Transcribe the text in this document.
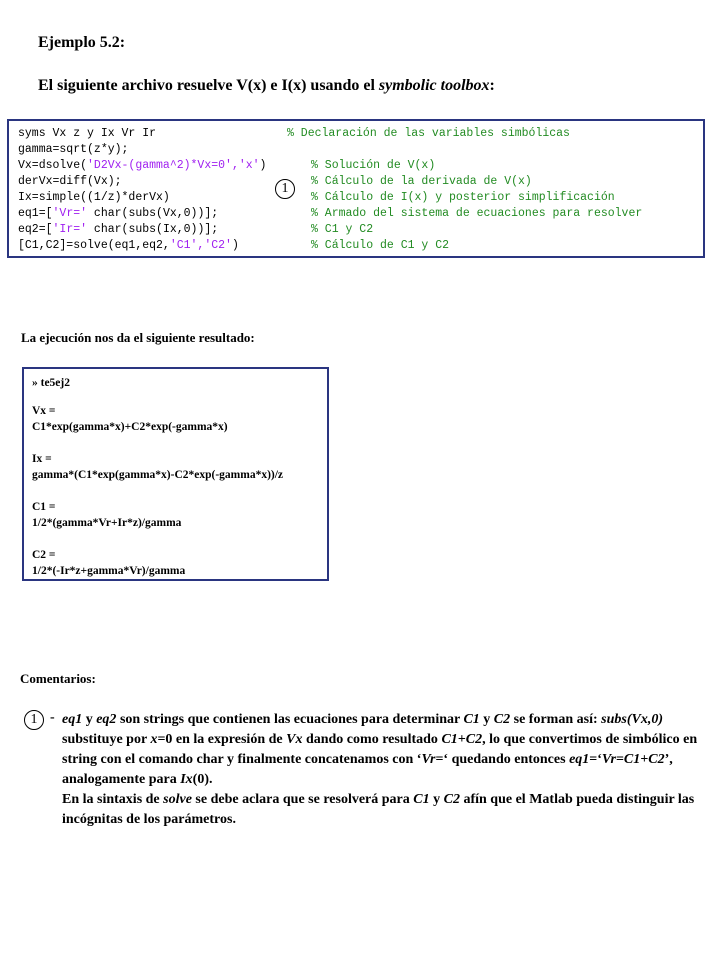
Ejemplo 5.2:
El siguiente archivo resuelve V(x) e I(x) usando el symbolic toolbox:
syms Vx z y Ix Vr Ir	% Declaración de las variables simbólicas
gamma=sqrt(z*y);
Vx=dsolve('D2Vx-(gamma^2)*Vx=0','x')	% Solución de V(x)
derVx=diff(Vx);	% Cálculo de la derivada de V(x)
Ix=simple((1/z)*derVx)	% Cálculo de I(x) y posterior simplificación
eq1=['Vr=' char(subs(Vx,0))];	% Armado del sistema de ecuaciones para resolver
eq2=['Ir=' char(subs(Ix,0))];	% C1 y C2
[C1,C2]=solve(eq1,eq2,'C1','C2')	% Cálculo de C1 y C2
1
La ejecución nos da el siguiente resultado:
» te5ej2
Vx =
C1*exp(gamma*x)+C2*exp(-gamma*x)
Ix =
gamma*(C1*exp(gamma*x)-C2*exp(-gamma*x))/z
C1 =
1/2*(gamma*Vr+Ir*z)/gamma
C2 =
1/2*(-Ir*z+gamma*Vr)/gamma
Comentarios:
1 - eq1 y eq2 son strings que contienen las ecuaciones para determinar C1 y C2 se forman así: subs(Vx,0) substituye por x=0 en la expresión de Vx dando como resultado C1+C2, lo que convertimos de simbólico en string con el comando char y finalmente concatenamos con ‘Vr=‘ quedando entonces eq1=‘Vr=C1+C2’, analogamente para Ix(0).

En la sintaxis de solve se debe aclara que se resolverá para C1 y C2 afín que el Matlab pueda distinguir las incógnitas de los parámetros.
